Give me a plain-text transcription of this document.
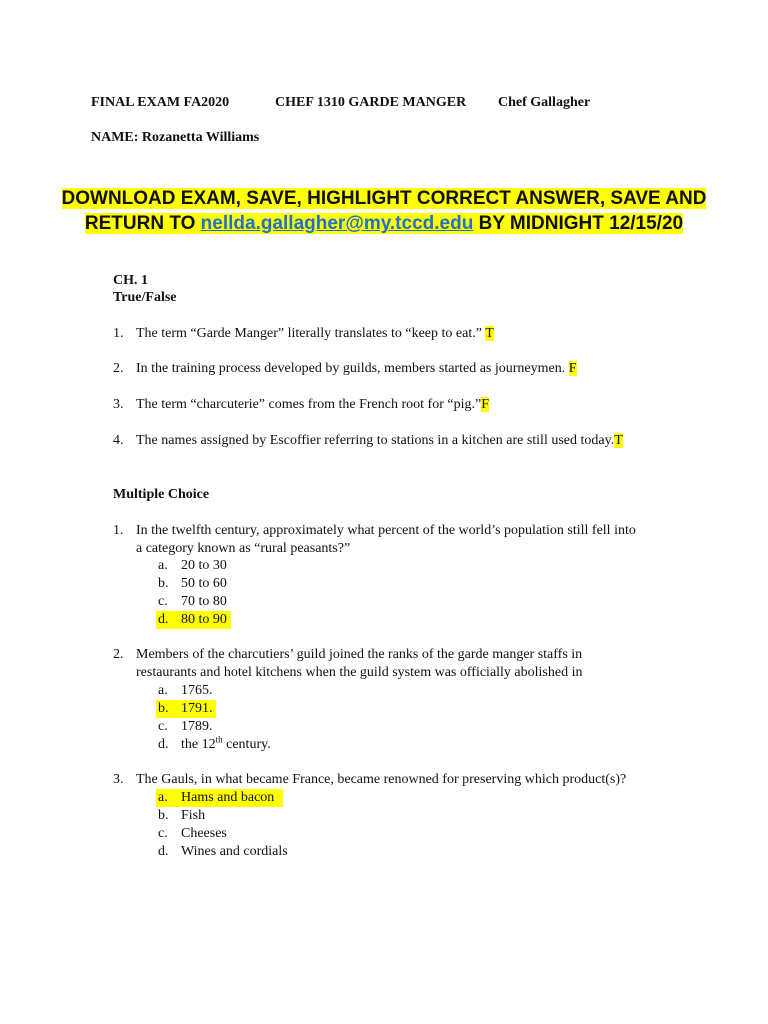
FINAL EXAM FA2020	CHEF 1310 GARDE MANGER Chef Gallagher
NAME: Rozanetta Williams
DOWNLOAD EXAM, SAVE, HIGHLIGHT CORRECT ANSWER, SAVE AND
RETURN TO nellda.gallagher@my.tccd.edu BY MIDNIGHT 12/15/20
CH. 1
True/False
1. The term “Garde Manger” literally translates to “keep to eat.” T
2. In the training process developed by guilds, members started as journeymen. F
3. The term “charcuterie” comes from the French root for “pig.”F
4. The names assigned by Escoffier referring to stations in a kitchen are still used today.T
Multiple Choice
1. In the twelfth century, approximately what percent of the world’s population still fell into
a category known as “rural peasants?”
a. 20 to 30
b. 50 to 60
c. 70 to 80
d. 80 to 90
2. Members of the charcutiers’ guild joined the ranks of the garde manger staffs in
restaurants and hotel kitchens when the guild system was officially abolished in
a. 1765.
b. 1791.
c. 1789.
d. the 12th century.
3. The Gauls, in what became France, became renowned for preserving which product(s)?
a. Hams and bacon
b. Fish
c. Cheeses
d. Wines and cordials
